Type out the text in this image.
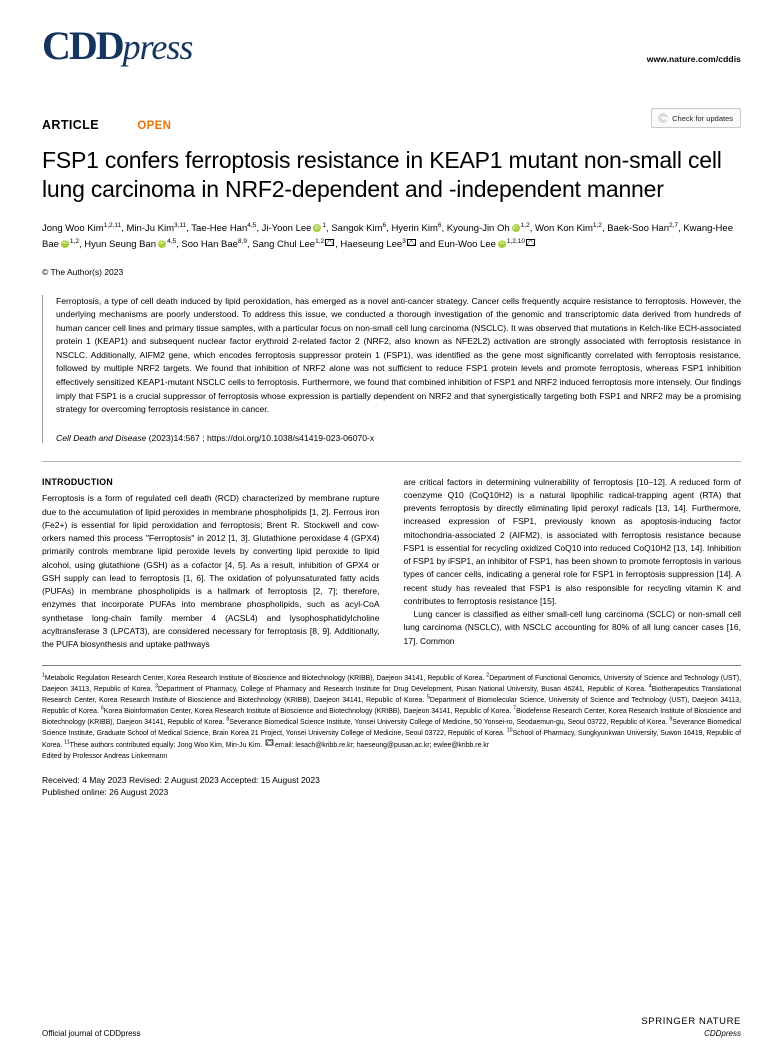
CDDpress	www.nature.com/cddis
ARTICLE	OPEN
Check for updates
FSP1 confers ferroptosis resistance in KEAP1 mutant non-small cell lung carcinoma in NRF2-dependent and -independent manner
Jong Woo Kim$^{1,2,11}$, Min-Ju Kim$^{3,11}$, Tae-Hee Han$^{4,5}$, Ji-Yoon Lee iD $^1$, Sangok Kim$^6$, Hyerin Kim$^6$, Kyoung-Jin Oh iD $^{1,2}$, Won Kon Kim$^{1,2}$, Baek-Soo Han$^{2,7}$, Kwang-Hee Bae iD $^{1,2}$, Hyun Seung Ban iD $^{4,5}$, Soo Han Bae$^{8,9}$, Sang Chul Lee$^{1,2}$ , Haeseung Lee$^3$ and Eun-Woo Lee iD $^{1,2,10}$
© The Author(s) 2023
Ferroptosis, a type of cell death induced by lipid peroxidation, has emerged as a novel anti-cancer strategy. Cancer cells frequently acquire resistance to ferroptosis. However, the underlying mechanisms are poorly understood. To address this issue, we conducted a thorough investigation of the genomic and transcriptomic data derived from hundreds of human cancer cell lines and primary tissue samples, with a particular focus on non-small cell lung carcinoma (NSCLC). It was observed that mutations in Kelch-like ECH-associated protein 1 (KEAP1) and subsequent nuclear factor erythroid 2-related factor 2 (NRF2, also known as NFE2L2) activation are strongly associated with ferroptosis resistance in NSCLC. Additionally, AIFM2 gene, which encodes ferroptosis suppressor protein 1 (FSP1), was identified as the gene most significantly correlated with ferroptosis resistance, followed by multiple NRF2 targets. We found that inhibition of NRF2 alone was not sufficient to reduce FSP1 protein levels and promote ferroptosis, whereas FSP1 inhibition effectively sensitized KEAP1-mutant NSCLC cells to ferroptosis. Furthermore, we found that combined inhibition of FSP1 and NRF2 induced ferroptosis more intensely. Our findings imply that FSP1 is a crucial suppressor of ferroptosis whose expression is partially dependent on NRF2 and that synergistically targeting both FSP1 and NRF2 may be a promising strategy for overcoming ferroptosis resistance in cancer.
Cell Death and Disease (2023)14:567 ; https://doi.org/10.1038/s41419-023-06070-x
INTRODUCTION

Ferroptosis is a form of regulated cell death (RCD) characterized by membrane rupture due to the accumulation of lipid peroxides in membrane phospholipids [1, 2]. Ferrous iron (Fe2+) is essential for lipid peroxidation and ferroptosis; Brent R. Stockwell and cow-orkers named this process "Ferroptosis" in 2012 [1, 3]. Glutathione peroxidase 4 (GPX4) primarily controls membrane lipid peroxide levels by converting lipid peroxide to lipid alcohol, using glutathione (GSH) as a cofactor [4, 5]. As a result, inhibition of GPX4 or GSH supply can lead to ferroptosis [1, 6]. The oxidation of polyunsaturated fatty acids (PUFAs) in membrane phospholipids is a hallmark of ferroptosis [2, 7]; therefore, enzymes that incorporate PUFAs into membrane phospholipids, such as acyl-CoA synthetase long-chain family member 4 (ACSL4) and lysophosphatidylcholine acyltransferase 3 (LPCAT3), are considered necessary for ferroptosis [8, 9]. Additionally, the PUFA biosynthesis and uptake pathways

are critical factors in determining vulnerability of ferroptosis [10–12]. A reduced form of coenzyme Q10 (CoQ10H2) is a natural lipophilic radical-trapping agent (RTA) that prevents ferroptosis by directly eliminating lipid peroxyl radicals [13, 14]. Furthermore, increased expression of FSP1, previously known as apoptosis-inducing factor mitochondria-associated 2 (AIFM2), is associated with ferroptosis resistance because FSP1 is essential for recycling oxidized CoQ10 into reduced CoQ10H2 [13, 14]. Inhibition of FSP1 by iFSP1, an inhibitor of FSP1, has been shown to promote ferroptosis in various types of cancer cells, indicating a general role for FSP1 in ferroptosis suppression [14]. A recent study has revealed that FSP1 is also responsible for recycling vitamin K and contributes to ferroptosis resistance [15].

Lung cancer is classified as either small-cell lung carcinoma (SCLC) or non-small cell lung carcinoma (NSCLC), with NSCLC accounting for 80% of all lung cancer cases [16, 17]. Common

$^1$Metabolic Regulation Research Center, Korea Research Institute of Bioscience and Biotechnology (KRIBB), Daejeon 34141, Republic of Korea. $^2$Department of Functional Genomics, University of Science and Technology (UST), Daejeon 34113, Republic of Korea. $^3$Department of Pharmacy, College of Pharmacy and Research Institute for Drug Development, Pusan National University, Busan 46241, Republic of Korea. $^4$Biotherapeutics Translational Research Center, Korea Research Institute of Bioscience and Biotechnology (KRIBB), Daejeon 34141, Republic of Korea. $^5$Department of Biomolecular Science, University of Science and Technology (UST), Daejeon 34113, Republic of Korea. $^6$Korea Bioinformation Center, Korea Research Institute of Bioscience and Biotechnology (KRIBB), Daejeon 34141, Republic of Korea. $^7$Biodefense Research Center, Korea Research Institute of Bioscience and Biotechnology (KRIBB), Daejeon 34141, Republic of Korea. $^8$Severance Biomedical Science Institute, Yonsei University College of Medicine, 50 Yonsei-ro, Seodaemun-gu, Seoul 03722, Republic of Korea. $^9$Severance Biomedical Science Institute, Graduate School of Medical Science, Brain Korea 21 Project, Yonsei University College of Medicine, Seoul 03722, Republic of Korea. $^{10}$School of Pharmacy, Sungkyunkwan University, Suwon 16419, Republic of Korea. $^{11}$These authors contributed equally: Jong Woo Kim, Min-Ju Kim. email: lesach@kribb.re.kr; haeseung@pusan.ac.kr; ewlee@kribb.re.kr
Edited by Professor Andreas Linkermann
Received: 4 May 2023 Revised: 2 August 2023 Accepted: 15 August 2023
Published online: 26 August 2023
Official journal of CDDpress
SPRINGER NATURE
CDDpress
